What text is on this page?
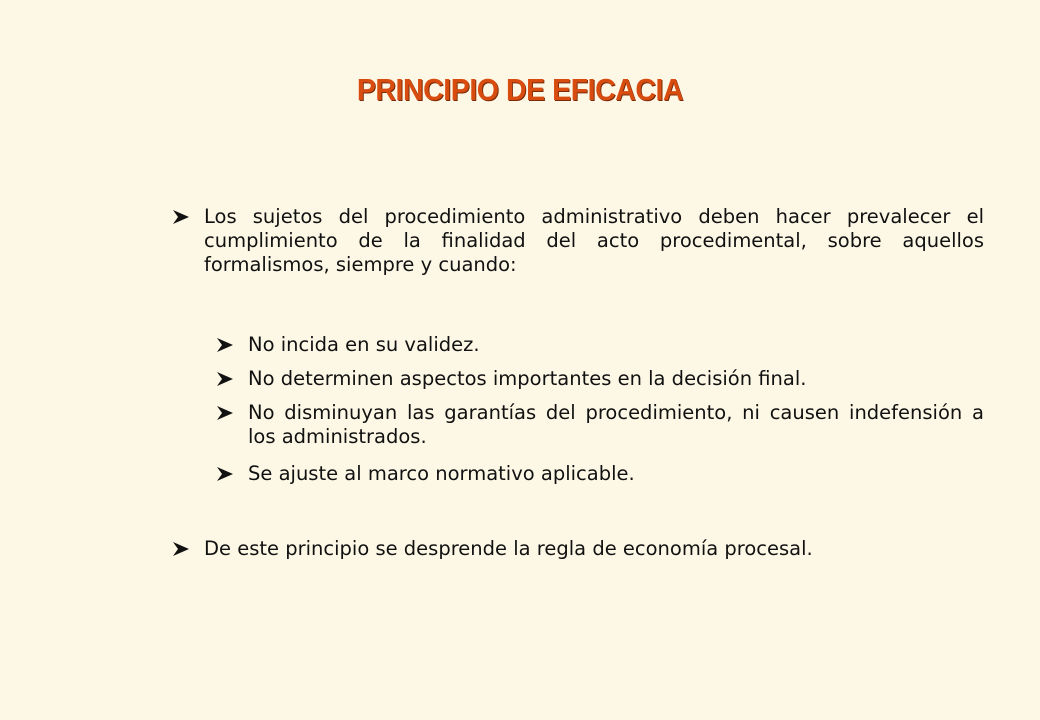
PRINCIPIO DE EFICACIA
Los sujetos del procedimiento administrativo deben hacer prevalecer el cumplimiento de la finalidad del acto procedimental, sobre aquellos formalismos, siempre y cuando:
No incida en su validez.
No determinen aspectos importantes en la decisión final.
No disminuyan las garantías del procedimiento, ni causen indefensión a los administrados.
Se ajuste al marco normativo aplicable.
De este principio se desprende la regla de economía procesal.
